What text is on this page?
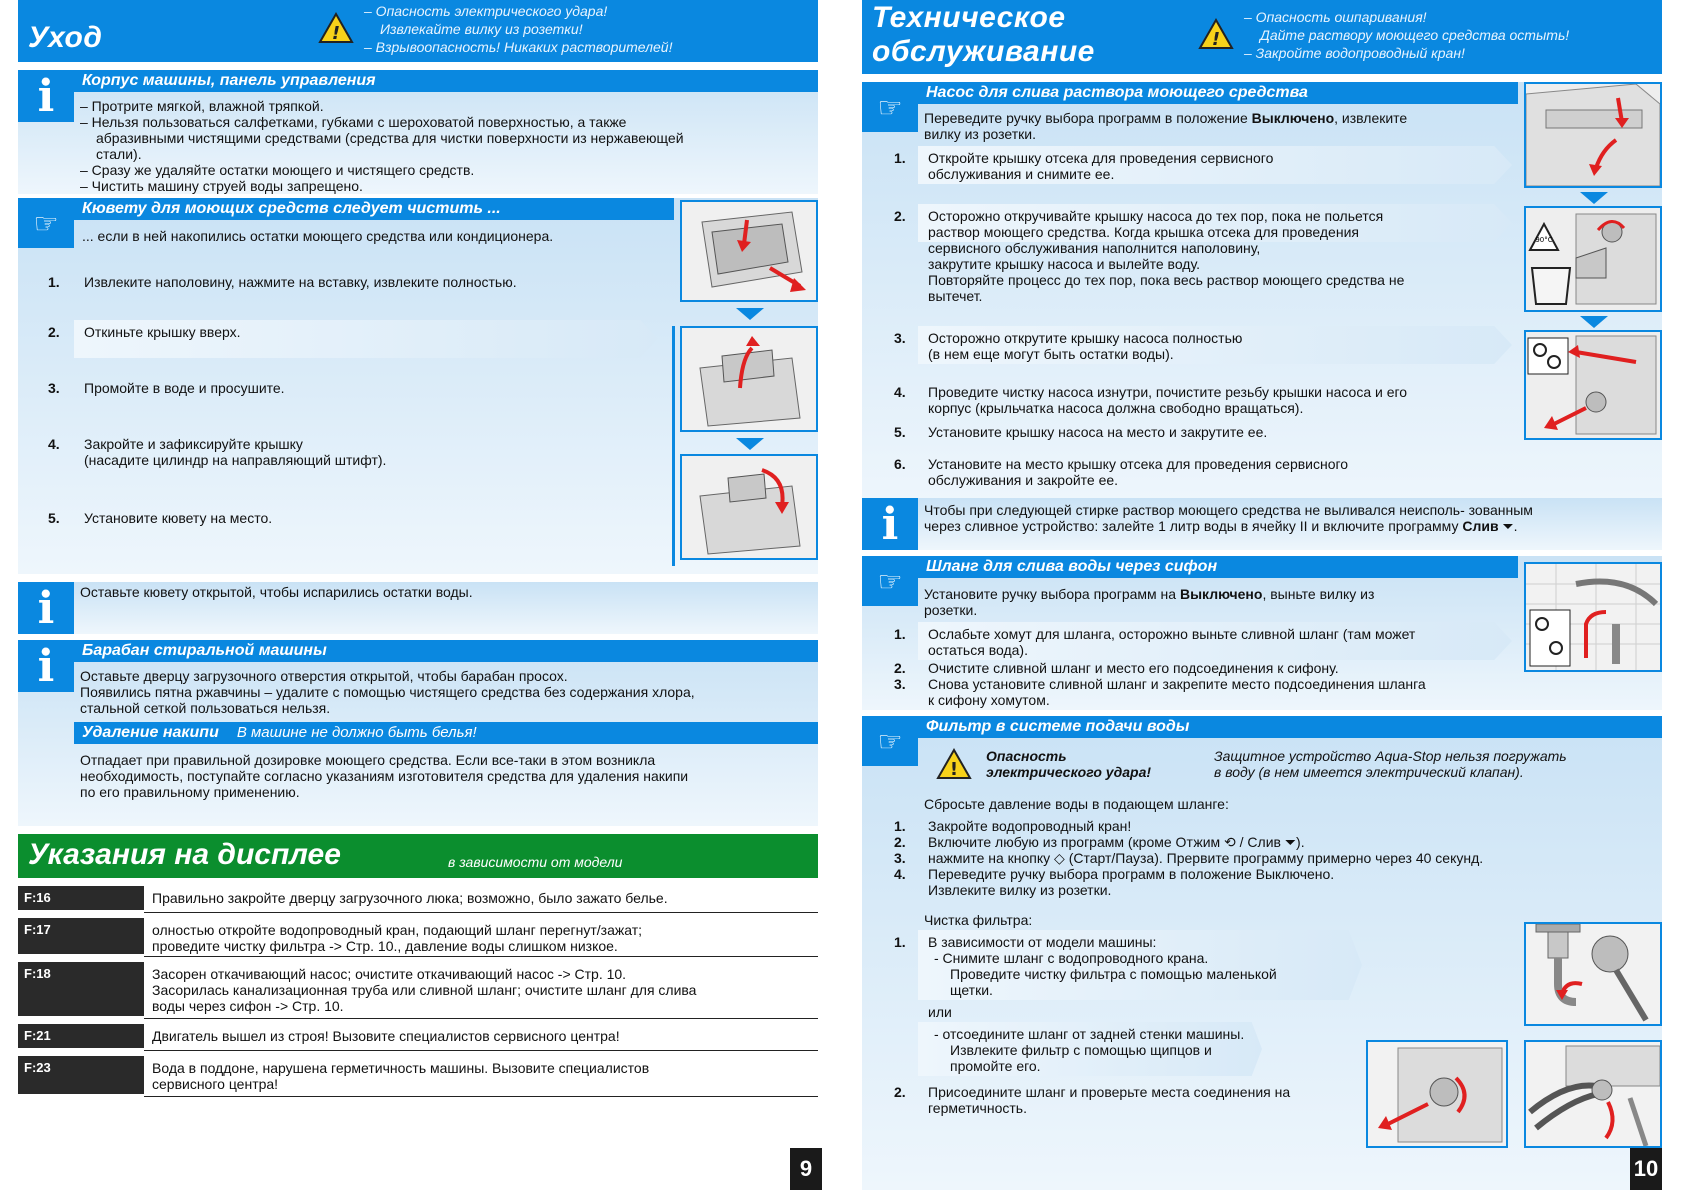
Уход	!
– Опасность электрического удара!
Извлекайте вилку из розетки!
– Взрывоопасность! Никаких растворителей!
i	Корпус машины, панель управления
– Протрите мягкой, влажной тряпкой.
– Нельзя пользоваться салфетками, губками с шероховатой поверхностью, а также
абразивными чистящими средствами (средства для чистки поверхности из нержавеющей
стали).
– Сразу же удаляйте остатки моющего и чистящего средств.
– Чистить машину струей воды запрещено.
☞	Кювету для моющих средств следует чистить ...
... если в ней накопились остатки моющего средства или кондиционера.
1. Извлеките наполовину, нажмите на вставку, извлеките полностью.
2. Откиньте крышку вверх.
3. Промойте в воде и просушите.
4. Закройте и зафиксируйте крышку
(насадите цилиндр на направляющий штифт).
5. Установите кювету на место.
i Оставьте кювету открытой, чтобы испарились остатки воды.
i	Барабан стиральной машины
Оставьте дверцу загрузочного отверстия открытой, чтобы барабан просох.
Появились пятна ржавчины – удалите с помощью чистящего средства без содержания хлора,
стальной сеткой пользоваться нельзя.
Удаление накипи В машине не должно быть белья!
Отпадает при правильной дозировке моющего средства. Если все-таки в этом возникла
необходимость, поступайте согласно указаниям изготовителя средства для удаления накипи
по его правильному применению.
Указания на дисплее	в зависимости от модели
F:16	Правильно закройте дверцу загрузочного люка; возможно, было зажато белье.
F:17	олностью откройте водопроводный кран, подающий шланг перегнут/зажат;
проведите чистку фильтра -> Стр. 10., давление воды слишком низкое.
F:18	Засорен откачивающий насос; очистите откачивающий насос -> Стр. 10.
Засорилась канализационная труба или сливной шланг; очистите шланг для слива
воды через сифон -> Стр. 10.
F:21	Двигатель вышел из строя! Вызовите специалистов сервисного центра!
F:23	Вода в поддоне, нарушена герметичность машины. Вызовите специалистов
сервисного центра!
9
Техническое
обслуживание	!
– Опасность ошпаривания!
Дайте раствору моющего средства остыть!
– Закройте водопроводный кран!
☞	Насос для слива раствора моющего средства
Переведите ручку выбора программ в положение Выключено, извлеките
вилку из розетки.
1. Откройте крышку отсека для проведения сервисного
обслуживания и снимите ее.
2. Осторожно откручивайте крышку насоса до тех пор, пока не польется
раствор моющего средства. Когда крышка отсека для проведения
сервисного обслуживания наполнится наполовину,
закрутите крышку насоса и вылейте воду.
Повторяйте процесс до тех пор, пока весь раствор моющего средства не
вытечет.
3. Осторожно открутите крышку насоса полностью
(в нем еще могут быть остатки воды).
4. Проведите чистку насоса изнутри, почистите резьбу крышки насоса и его
корпус (крыльчатка насоса должна свободно вращаться).
5. Установите крышку насоса на место и закрутите ее.
6. Установите на место крышку отсека для проведения сервисного
обслуживания и закройте ее.
90°C
i Чтобы при следующей стирке раствор моющего средства не выливался неисполь- зованным
через сливное устройство: залейте 1 литр воды в ячейку II и включите программу Слив ⏷.
☞	Шланг для слива воды через сифон
Установите ручку выбора программ на Выключено, выньте вилку из
розетки.
1. Ослабьте хомут для шланга, осторожно выньте сливной шланг (там может
остаться вода).
2. Очистите сливной шланг и место его подсоединения к сифону.
3. Снова установите сливной шланг и закрепите место подсоединения шланга
к сифону хомутом.
☞	Фильтр в системе подачи воды
!
Опасность
электрического удара!
Защитное устройство Aqua-Stop нельзя погружать
в воду (в нем имеется электрический клапан).
Сбросьте давление воды в подающем шланге:
1. Закройте водопроводный кран!
2. Включите любую из программ (кроме Отжим ⟲ / Слив ⏷).
3. нажмите на кнопку ◇ (Старт/Пауза). Прервите программу примерно через 40 секунд.
4. Переведите ручку выбора программ в положение Выключено.
Извлеките вилку из розетки.
Чистка фильтра:
1. В зависимости от модели машины:
- Снимите шланг с водопроводного крана.
Проведите чистку фильтра с помощью маленькой
щетки.
или
- отсоедините шланг от задней стенки машины.
Извлеките фильтр с помощью щипцов и
промойте его.
2. Присоедините шланг и проверьте места соединения на
герметичность.
10
